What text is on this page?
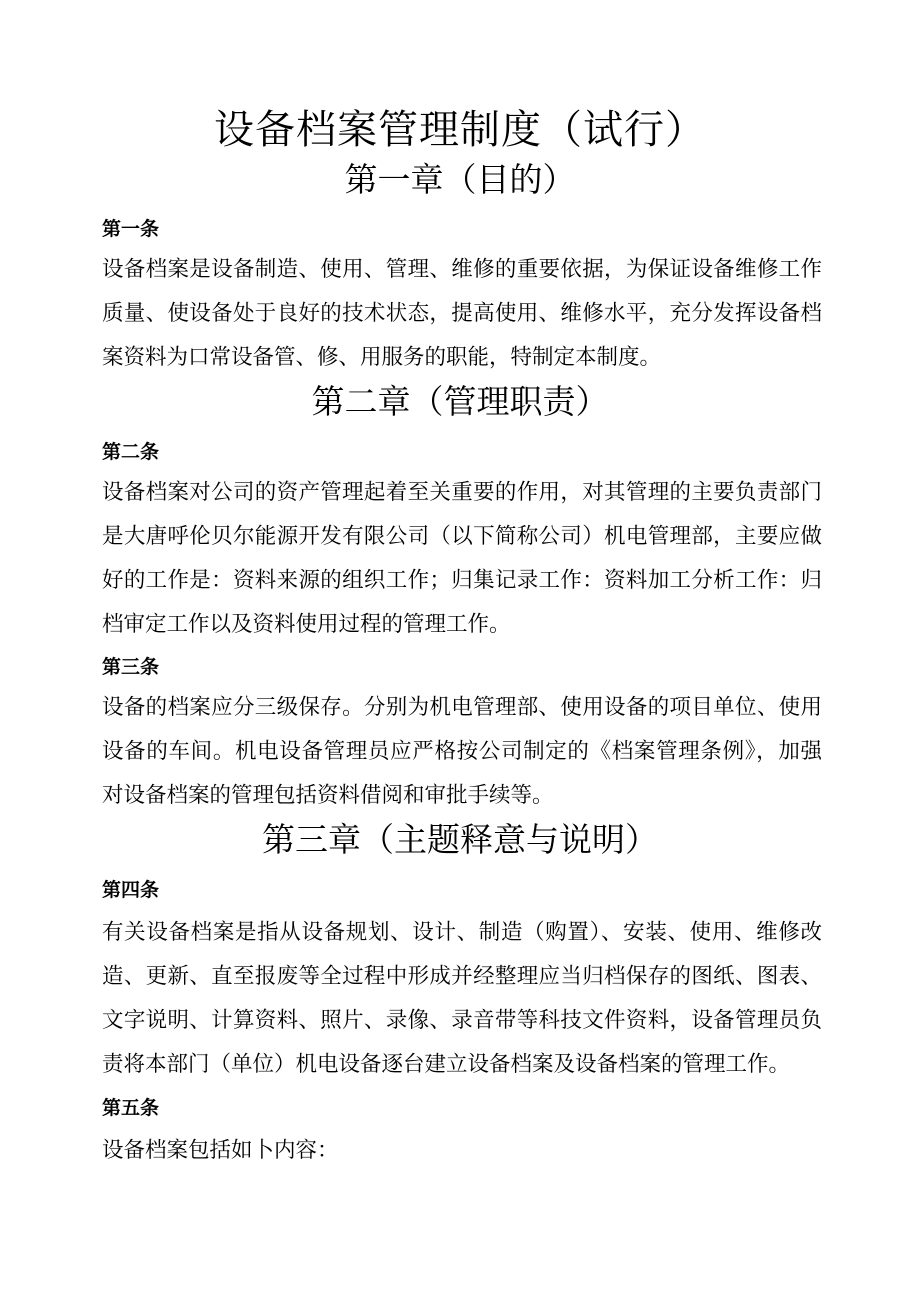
设备档案管理制度（试行）
第一章（目的）
第一条
设备档案是设备制造、使用、管理、维修的重要依据，为保证设备维修工作
质量、使设备处于良好的技术状态，提高使用、维修水平，充分发挥设备档
案资料为口常设备管、修、用服务的职能，特制定本制度。
第二章（管理职责）
第二条
设备档案对公司的资产管理起着至关重要的作用，对其管理的主要负责部门
是大唐呼伦贝尔能源开发有限公司（以下简称公司）机电管理部，主要应做
好的工作是：资料来源的组织工作；归集记录工作：资料加工分析工作：归
档审定工作以及资料使用过程的管理工作。
第三条
设备的档案应分三级保存。分别为机电管理部、使用设备的项目单位、使用
设备的车间。机电设备管理员应严格按公司制定的《档案管理条例》，加强
对设备档案的管理包括资料借阅和审批手续等。
第三章（主题释意与说明）
第四条
有关设备档案是指从设备规划、设计、制造（购置）、安装、使用、维修改
造、更新、直至报废等全过程中形成并经整理应当归档保存的图纸、图表、
文字说明、计算资料、照片、录像、录音带等科技文件资料，设备管理员负
责将本部门（单位）机电设备逐台建立设备档案及设备档案的管理工作。
第五条
设备档案包括如卜内容：
